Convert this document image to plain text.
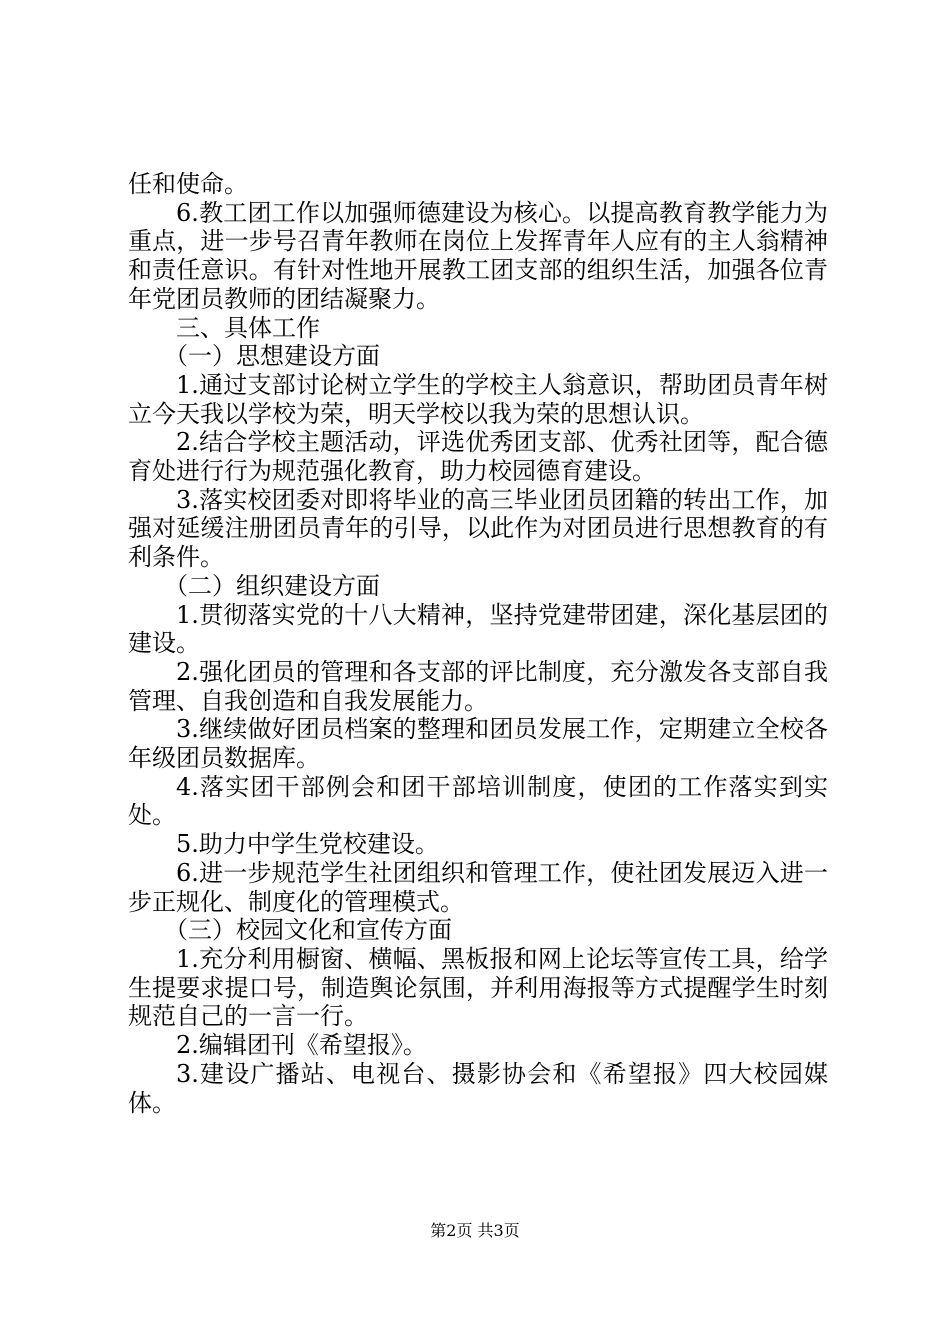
任和使命。

6.教工团工作以加强师德建设为核心。以提高教育教学能力为重点，进一步号召青年教师在岗位上发挥青年人应有的主人翁精神和责任意识。有针对性地开展教工团支部的组织生活，加强各位青年党团员教师的团结凝聚力。

三、具体工作

（一）思想建设方面

1.通过支部讨论树立学生的学校主人翁意识，帮助团员青年树立今天我以学校为荣，明天学校以我为荣的思想认识。

2.结合学校主题活动，评选优秀团支部、优秀社团等，配合德育处进行行为规范强化教育，助力校园德育建设。

3.落实校团委对即将毕业的高三毕业团员团籍的转出工作，加强对延缓注册团员青年的引导，以此作为对团员进行思想教育的有利条件。

（二）组织建设方面

1.贯彻落实党的十八大精神，坚持党建带团建，深化基层团的建设。

2.强化团员的管理和各支部的评比制度，充分激发各支部自我管理、自我创造和自我发展能力。

3.继续做好团员档案的整理和团员发展工作，定期建立全校各年级团员数据库。

4.落实团干部例会和团干部培训制度，使团的工作落实到实处。

5.助力中学生党校建设。

6.进一步规范学生社团组织和管理工作，使社团发展迈入进一步正规化、制度化的管理模式。

（三）校园文化和宣传方面

1.充分利用橱窗、横幅、黑板报和网上论坛等宣传工具，给学生提要求提口号，制造舆论氛围，并利用海报等方式提醒学生时刻规范自己的一言一行。

2.编辑团刊《希望报》。

3.建设广播站、电视台、摄影协会和《希望报》四大校园媒体。

第2页 共3页
